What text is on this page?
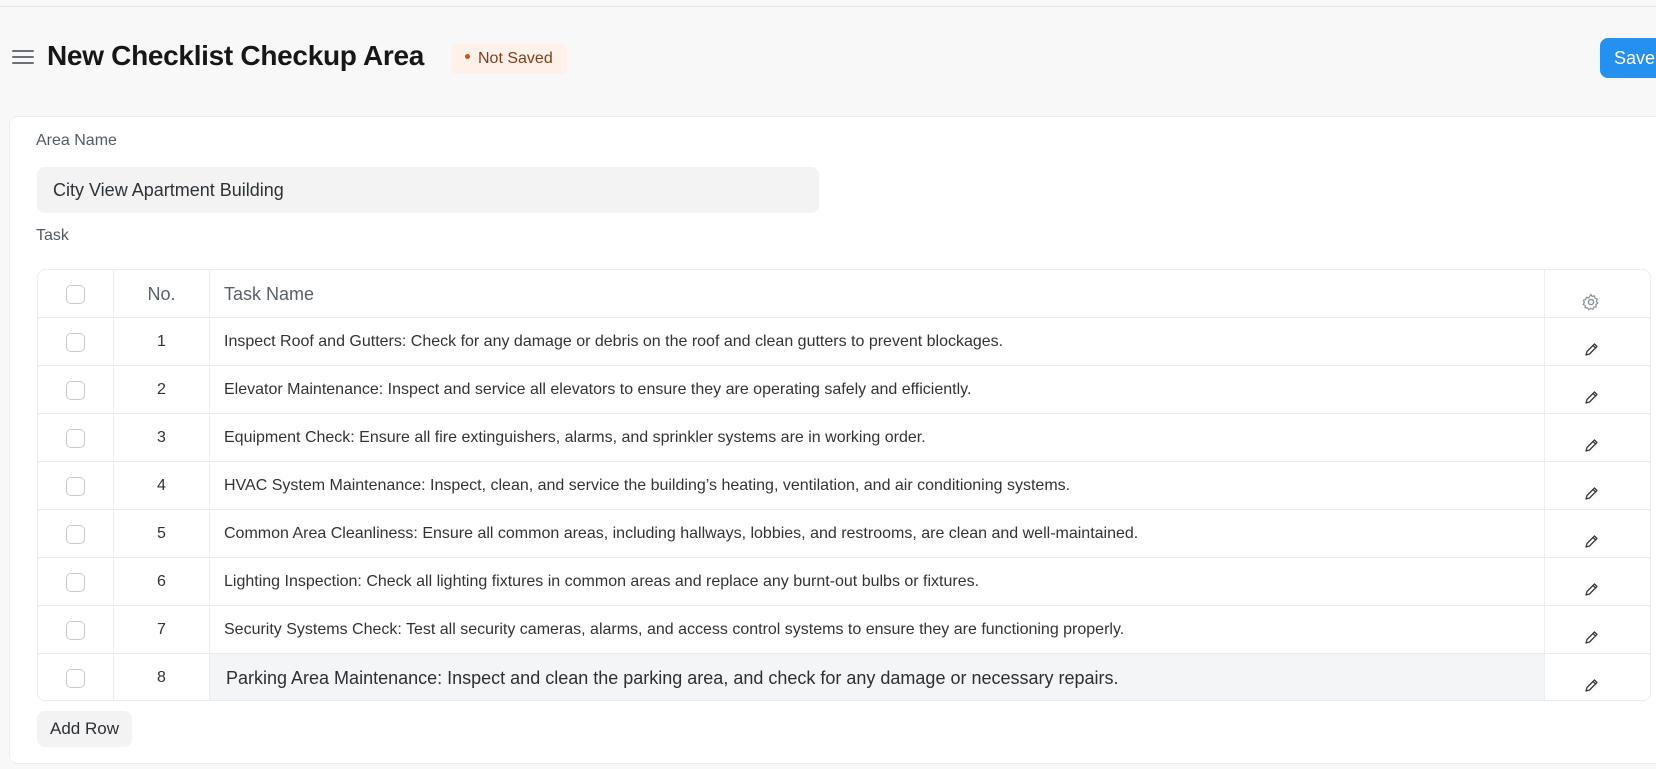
New Checklist Checkup Area	Not Saved	Save
Area Name
City View Apartment Building
Task
No.	Task Name
1	Inspect Roof and Gutters: Check for any damage or debris on the roof and clean gutters to prevent blockages.
2	Elevator Maintenance: Inspect and service all elevators to ensure they are operating safely and efficiently.
3	Equipment Check: Ensure all fire extinguishers, alarms, and sprinkler systems are in working order.
4	HVAC System Maintenance: Inspect, clean, and service the building’s heating, ventilation, and air conditioning systems.
5	Common Area Cleanliness: Ensure all common areas, including hallways, lobbies, and restrooms, are clean and well-maintained.
6	Lighting Inspection: Check all lighting fixtures in common areas and replace any burnt-out bulbs or fixtures.
7	Security Systems Check: Test all security cameras, alarms, and access control systems to ensure they are functioning properly.
8	Parking Area Maintenance: Inspect and clean the parking area, and check for any damage or necessary repairs.
Add Row
